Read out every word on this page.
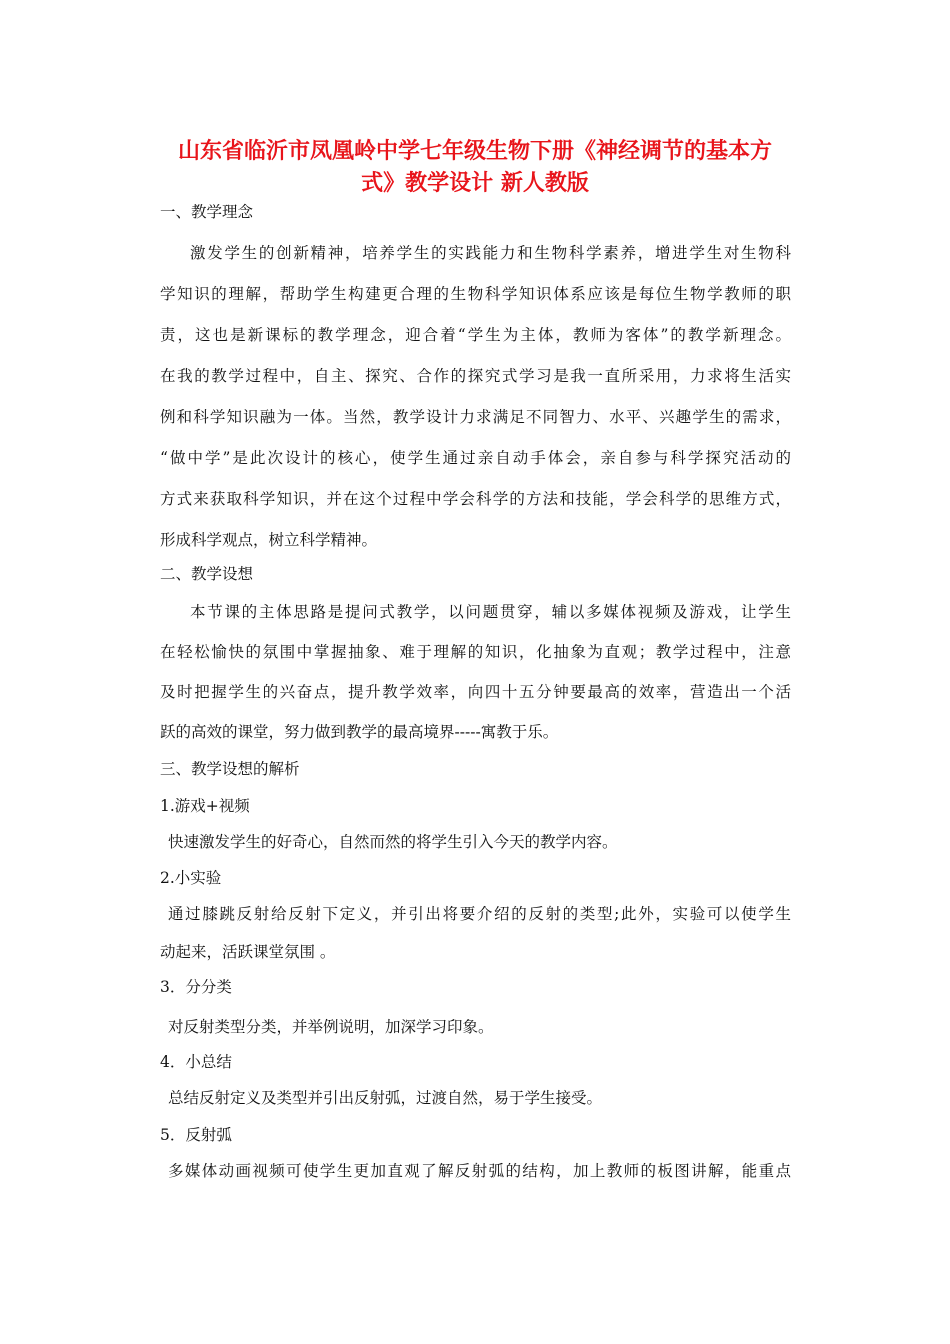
山东省临沂市凤凰岭中学七年级生物下册《神经调节的基本方
式》教学设计 新人教版
一、教学理念
激发学生的创新精神，培养学生的实践能力和生物科学素养，增进学生对生物科
学知识的理解，帮助学生构建更合理的生物科学知识体系应该是每位生物学教师的职
责，这也是新课标的教学理念，迎合着“学生为主体，教师为客体”的教学新理念。
在我的教学过程中，自主、探究、合作的探究式学习是我一直所采用，力求将生活实
例和科学知识融为一体。当然，教学设计力求满足不同智力、水平、兴趣学生的需求，
“做中学”是此次设计的核心，使学生通过亲自动手体会，亲自参与科学探究活动的
方式来获取科学知识，并在这个过程中学会科学的方法和技能，学会科学的思维方式，
形成科学观点，树立科学精神。
二、教学设想
本节课的主体思路是提问式教学，以问题贯穿，辅以多媒体视频及游戏，让学生
在轻松愉快的氛围中掌握抽象、难于理解的知识，化抽象为直观；教学过程中，注意
及时把握学生的兴奋点，提升教学效率，向四十五分钟要最高的效率，营造出一个活
跃的高效的课堂，努力做到教学的最高境界-----寓教于乐。
三、教学设想的解析
1.游戏+视频
快速激发学生的好奇心，自然而然的将学生引入今天的教学内容。
2.小实验
通过膝跳反射给反射下定义，并引出将要介绍的反射的类型;此外，实验可以使学生
动起来，活跃课堂氛围 。
3．分分类
对反射类型分类，并举例说明，加深学习印象。
4．小总结
总结反射定义及类型并引出反射弧，过渡自然，易于学生接受。
5．反射弧
多媒体动画视频可使学生更加直观了解反射弧的结构，加上教师的板图讲解，能重点
